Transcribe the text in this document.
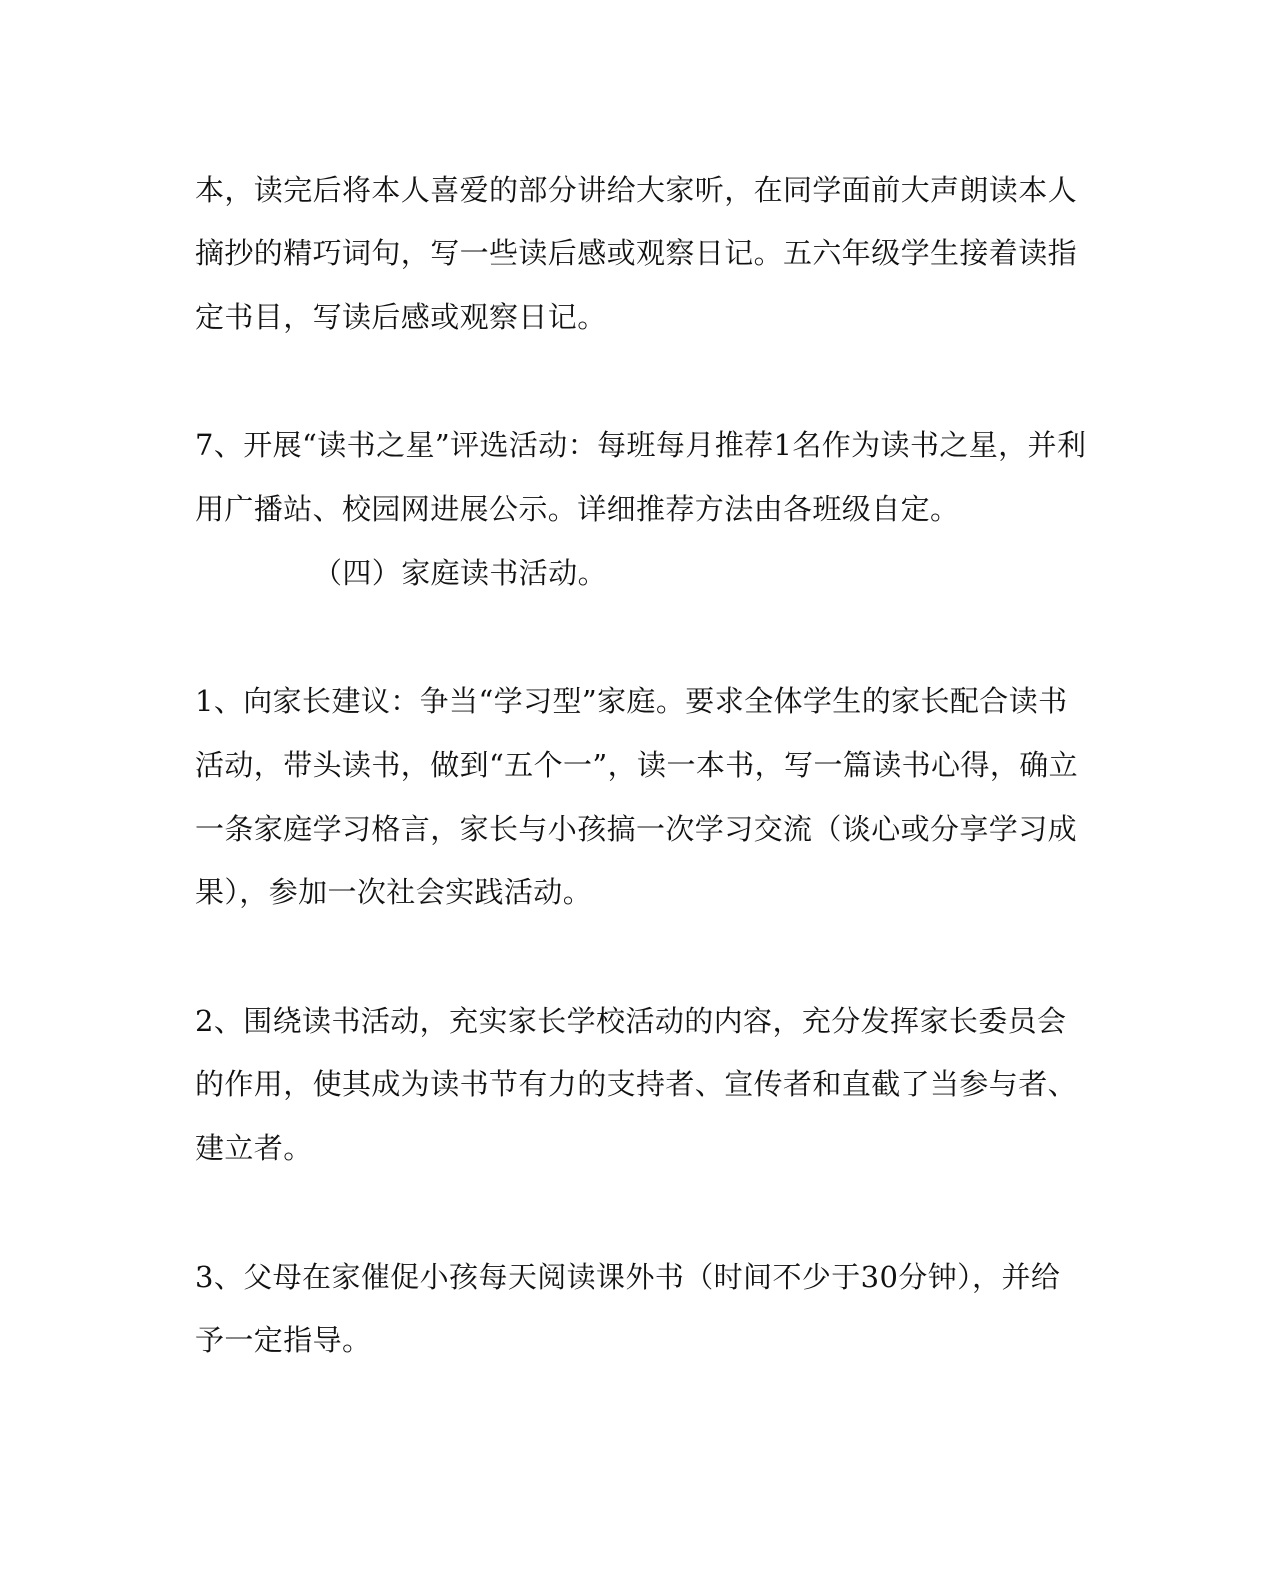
本，读完后将本人喜爱的部分讲给大家听，在同学面前大声朗读本人
摘抄的精巧词句，写一些读后感或观察日记。五六年级学生接着读指
定书目，写读后感或观察日记。
7、开展“读书之星”评选活动：每班每月推荐1名作为读书之星，并利
用广播站、校园网进展公示。详细推荐方法由各班级自定。
（四）家庭读书活动。
1、向家长建议：争当“学习型”家庭。要求全体学生的家长配合读书
活动，带头读书，做到“五个一”，读一本书，写一篇读书心得，确立
一条家庭学习格言，家长与小孩搞一次学习交流（谈心或分享学习成
果），参加一次社会实践活动。
2、围绕读书活动，充实家长学校活动的内容，充分发挥家长委员会
的作用，使其成为读书节有力的支持者、宣传者和直截了当参与者、
建立者。
3、父母在家催促小孩每天阅读课外书（时间不少于30分钟），并给
予一定指导。
